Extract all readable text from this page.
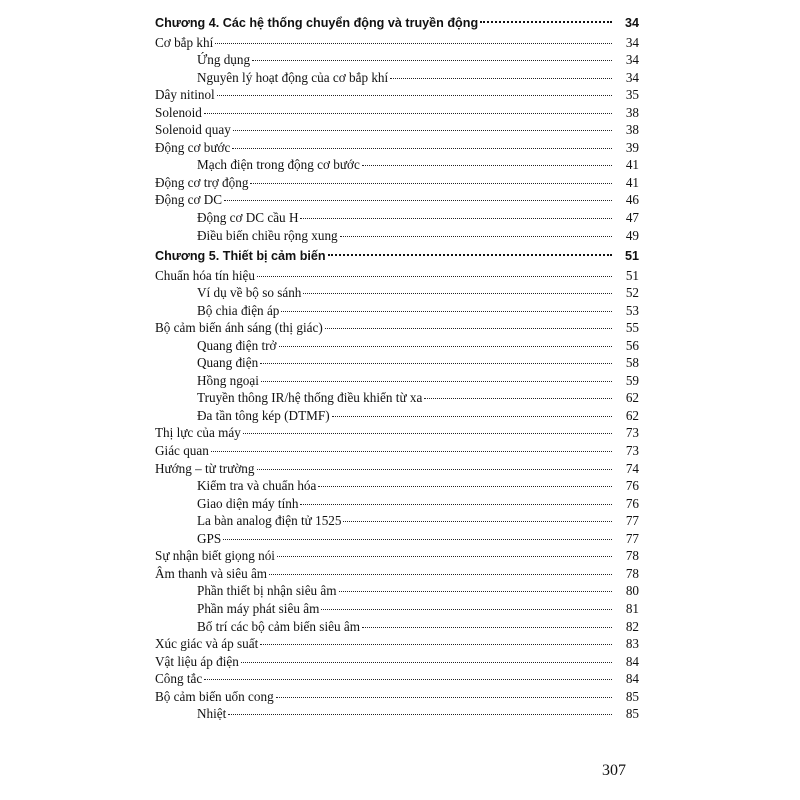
Chương 4. Các hệ thống chuyển động và truyền động	34
Cơ bắp khí	34
Ứng dụng	34
Nguyên lý hoạt động của cơ bắp khí	34
Dây nitinol	35
Solenoid	38
Solenoid quay	38
Động cơ bước	39
Mạch điện trong động cơ bước	41
Động cơ trợ động	41
Động cơ DC	46
Động cơ DC cầu H	47
Điều biến chiều rộng xung	49
Chương 5. Thiết bị cảm biến	51
Chuẩn hóa tín hiệu	51
Ví dụ về bộ so sánh	52
Bộ chia điện áp	53
Bộ cảm biến ánh sáng (thị giác)	55
Quang điện trở	56
Quang điện	58
Hồng ngoại	59
Truyền thông IR/hệ thống điều khiển từ xa	62
Đa tần tông kép (DTMF)	62
Thị lực của máy	73
Giác quan	73
Hướng – từ trường	74
Kiểm tra và chuẩn hóa	76
Giao diện máy tính	76
La bàn analog điện tử 1525	77
GPS	77
Sự nhận biết giọng nói	78
Âm thanh và siêu âm	78
Phần thiết bị nhận siêu âm	80
Phần máy phát siêu âm	81
Bố trí các bộ cảm biến siêu âm	82
Xúc giác và áp suất	83
Vật liệu áp điện	84
Công tắc	84
Bộ cảm biến uốn cong	85
Nhiệt	85
307
